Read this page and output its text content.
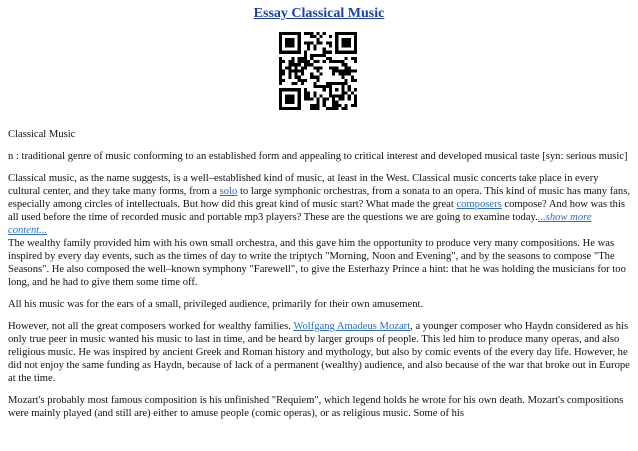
Essay Classical Music

Classical Music

n : traditional genre of music conforming to an established form and appealing to critical interest and developed musical taste [syn: serious music]

Classical music, as the name suggests, is a well–established kind of music, at least in the West. Classical music concerts take place in every cultural center, and they take many forms, from a solo to large symphonic orchestras, from a sonata to an opera. This kind of music has many fans, especially among circles of intellectuals. But how did this great kind of music start? What made the great composers compose? And how was this all used before the time of recorded music and portable mp3 players? These are the questions we are going to examine today....show more content...

The wealthy family provided him with his own small orchestra, and this gave him the opportunity to produce very many compositions. He was inspired by every day events, such as the times of day to write the triptych "Morning, Noon and Evening", and by the seasons to compose "The Seasons". He also composed the well–known symphony "Farewell", to give the Esterhazy Prince a hint: that he was holding the musicians for too long, and he had to give them some time off.

All his music was for the ears of a small, privileged audience, primarily for their own amusement.

However, not all the great composers worked for wealthy families. Wolfgang Amadeus Mozart, a younger composer who Haydn considered as his only true peer in music wanted his music to last in time, and be heard by larger groups of people. This led him to produce many operas, and also religious music. He was inspired by ancient Greek and Roman history and mythology, but also by comic events of the every day life. However, he did not enjoy the same funding as Haydn, because of lack of a permanent (wealthy) audience, and also because of the war that broke out in Europe at the time.

Mozart's probably most famous composition is his unfinished "Requiem", which legend holds he wrote for his own death. Mozart's compositions were mainly played (and still are) either to amuse people (comic operas), or as religious music. Some of his
